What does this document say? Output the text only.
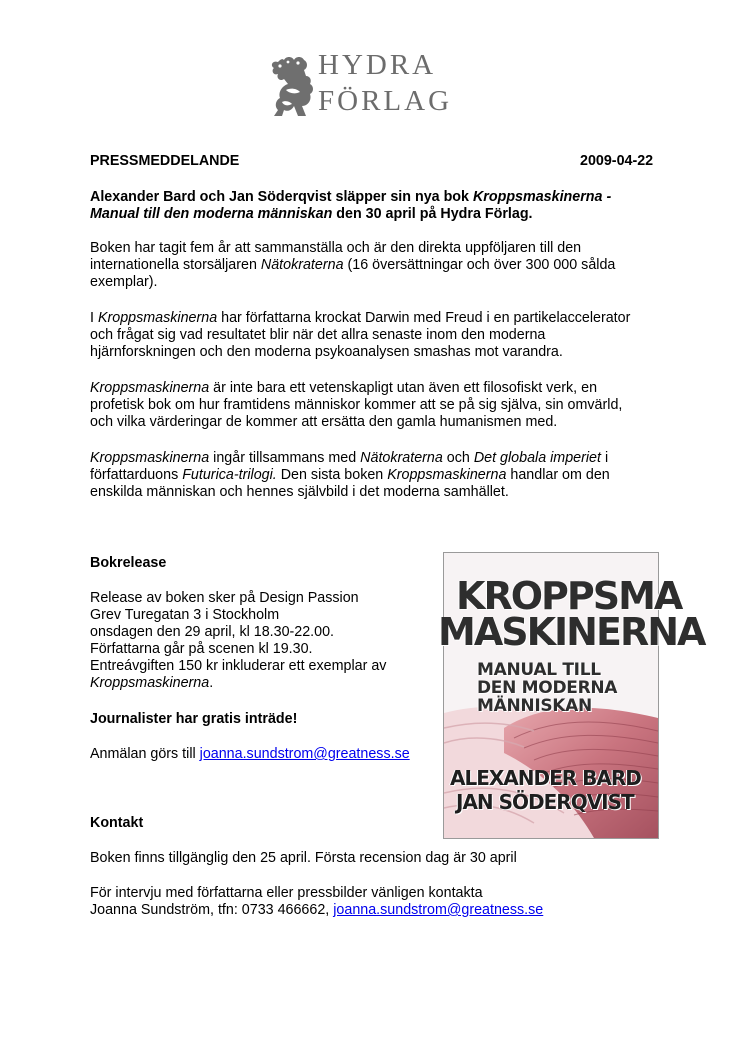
HYDRA
FÖRLAG
PRESSMEDDELANDE	2009-04-22
Alexander Bard och Jan Söderqvist släpper sin nya bok Kroppsmaskinerna -
Manual till den moderna människan den 30 april på Hydra Förlag.
Boken har tagit fem år att sammanställa och är den direkta uppföljaren till den
internationella storsäljaren Nätokraterna (16 översättningar och över 300 000 sålda
exemplar).
I Kroppsmaskinerna har författarna krockat Darwin med Freud i en partikelaccelerator
och frågat sig vad resultatet blir när det allra senaste inom den moderna
hjärnforskningen och den moderna psykoanalysen smashas mot varandra.
Kroppsmaskinerna är inte bara ett vetenskapligt utan även ett filosofiskt verk, en
profetisk bok om hur framtidens människor kommer att se på sig själva, sin omvärld,
och vilka värderingar de kommer att ersätta den gamla humanismen med.
Kroppsmaskinerna ingår tillsammans med Nätokraterna och Det globala imperiet i
författarduons Futurica-trilogi. Den sista boken Kroppsmaskinerna handlar om den
enskilda människan och hennes självbild i det moderna samhället.
Bokrelease
Release av boken sker på Design Passion
Grev Turegatan 3 i Stockholm
onsdagen den 29 april, kl 18.30-22.00.
Författarna går på scenen kl 19.30.
Entreávgiften 150 kr inkluderar ett exemplar av
Kroppsmaskinerna.
Journalister har gratis inträde!
Anmälan görs till joanna.sundstrom@greatness.se
Kontakt
Boken finns tillgänglig den 25 april. Första recension dag är 30 april
För intervju med författarna eller pressbilder vänligen kontakta
Joanna Sundström, tfn: 0733 466662, joanna.sundstrom@greatness.se
KROPPSMA
MASKINERNA
MANUAL TILL
DEN MODERNA
MÄNNISKAN
ALEXANDER BARD
JAN SÖDERQVIST
